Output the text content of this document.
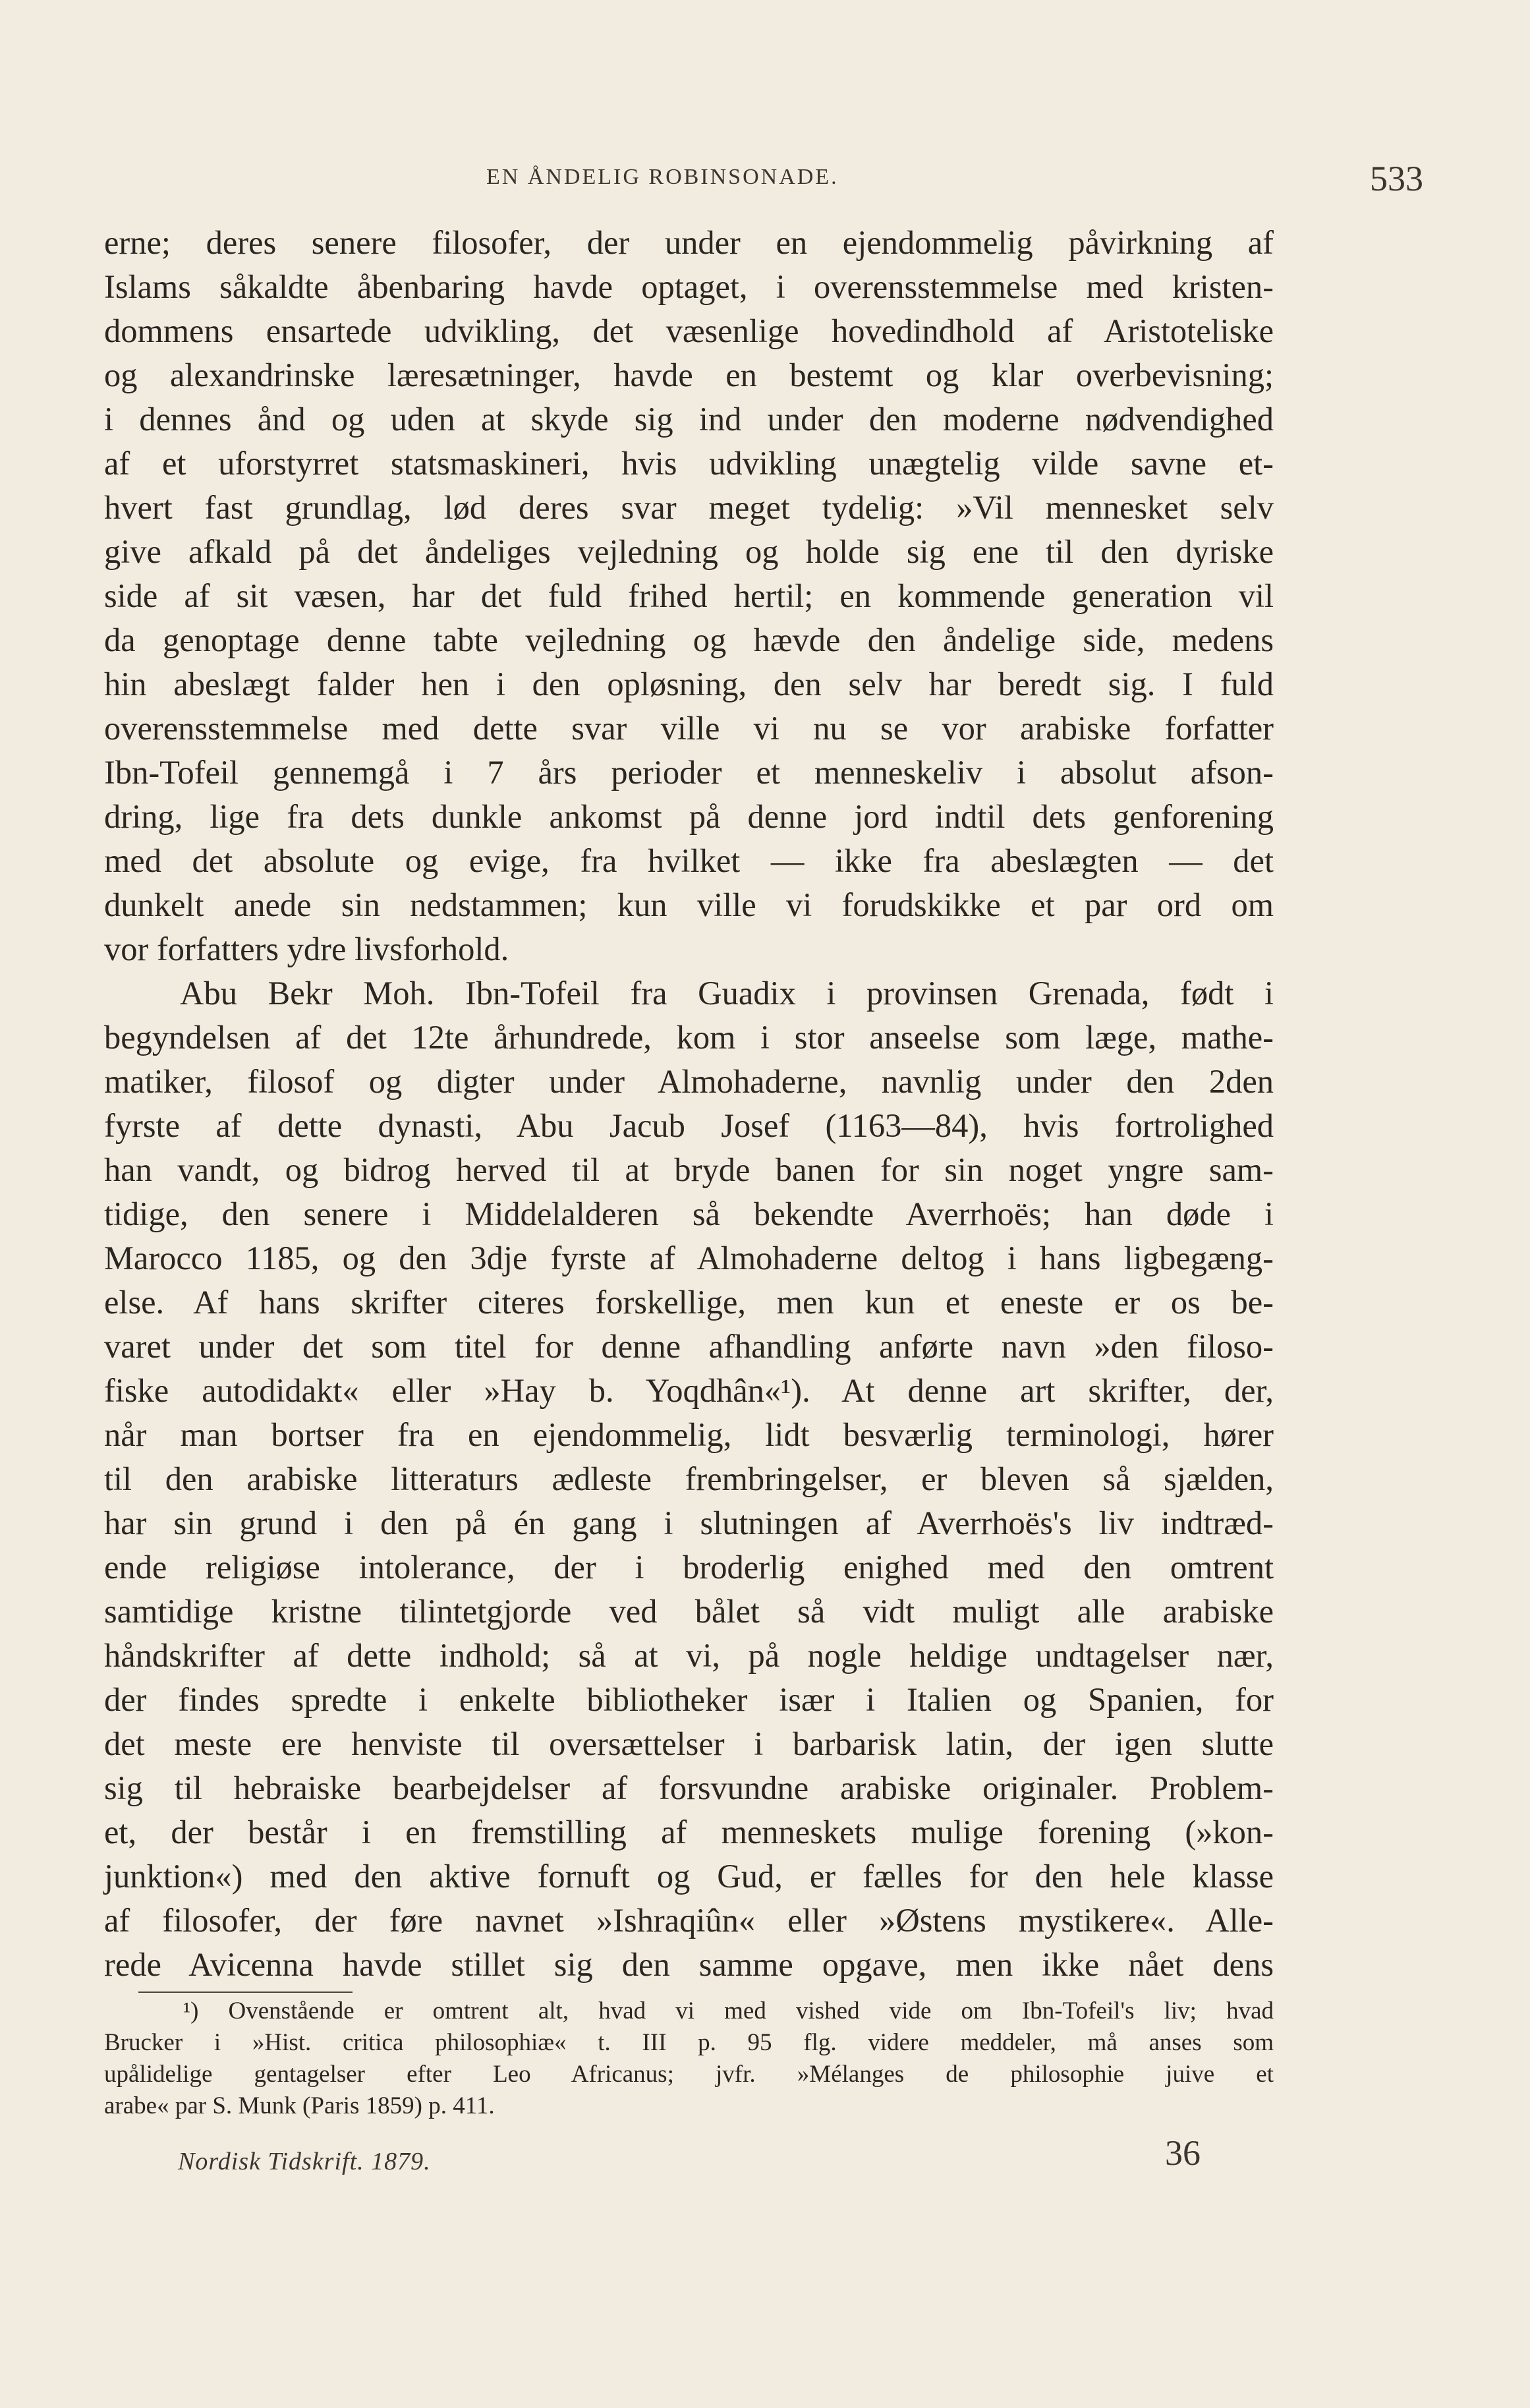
EN ÅNDELIG ROBINSONADE.	533
erne; deres senere filosofer, der under en ejendommelig påvirkning af
Islams såkaldte åbenbaring havde optaget, i overensstemmelse med kristen-
dommens ensartede udvikling, det væsenlige hovedindhold af Aristoteliske
og alexandrinske læresætninger, havde en bestemt og klar overbevisning;
i dennes ånd og uden at skyde sig ind under den moderne nødvendighed
af et uforstyrret statsmaskineri, hvis udvikling unægtelig vilde savne et-
hvert fast grundlag, lød deres svar meget tydelig: »Vil mennesket selv
give afkald på det åndeliges vejledning og holde sig ene til den dyriske
side af sit væsen, har det fuld frihed hertil; en kommende generation vil
da genoptage denne tabte vejledning og hævde den åndelige side, medens
hin abeslægt falder hen i den opløsning, den selv har beredt sig. I fuld
overensstemmelse med dette svar ville vi nu se vor arabiske forfatter
Ibn-Tofeil gennemgå i 7 års perioder et menneskeliv i absolut afson-
dring, lige fra dets dunkle ankomst på denne jord indtil dets genforening
med det absolute og evige, fra hvilket — ikke fra abeslægten — det
dunkelt anede sin nedstammen; kun ville vi forudskikke et par ord om
vor forfatters ydre livsforhold.
Abu Bekr Moh. Ibn-Tofeil fra Guadix i provinsen Grenada, født i
begyndelsen af det 12te århundrede, kom i stor anseelse som læge, mathe-
matiker, filosof og digter under Almohaderne, navnlig under den 2den
fyrste af dette dynasti, Abu Jacub Josef (1163—84), hvis fortrolighed
han vandt, og bidrog herved til at bryde banen for sin noget yngre sam-
tidige, den senere i Middelalderen så bekendte Averrhoës; han døde i
Marocco 1185, og den 3dje fyrste af Almohaderne deltog i hans ligbegæng-
else. Af hans skrifter citeres forskellige, men kun et eneste er os be-
varet under det som titel for denne afhandling anførte navn »den filoso-
fiske autodidakt« eller »Hay b. Yoqdhân«¹). At denne art skrifter, der,
når man bortser fra en ejendommelig, lidt besværlig terminologi, hører
til den arabiske litteraturs ædleste frembringelser, er bleven så sjælden,
har sin grund i den på én gang i slutningen af Averrhoës's liv indtræd-
ende religiøse intolerance, der i broderlig enighed med den omtrent
samtidige kristne tilintetgjorde ved bålet så vidt muligt alle arabiske
håndskrifter af dette indhold; så at vi, på nogle heldige undtagelser nær,
der findes spredte i enkelte bibliotheker især i Italien og Spanien, for
det meste ere henviste til oversættelser i barbarisk latin, der igen slutte
sig til hebraiske bearbejdelser af forsvundne arabiske originaler. Problem-
et, der består i en fremstilling af menneskets mulige forening (»kon-
junktion«) med den aktive fornuft og Gud, er fælles for den hele klasse
af filosofer, der føre navnet »Ishraqiûn« eller »Østens mystikere«. Alle-
rede Avicenna havde stillet sig den samme opgave, men ikke nået dens
¹) Ovenstående er omtrent alt, hvad vi med vished vide om Ibn-Tofeil's liv; hvad
Brucker i »Hist. critica philosophiæ« t. III p. 95 flg. videre meddeler, må anses som
upålidelige gentagelser efter Leo Africanus; jvfr. »Mélanges de philosophie juive et
arabe« par S. Munk (Paris 1859) p. 411.
Nordisk Tidskrift. 1879.	36
